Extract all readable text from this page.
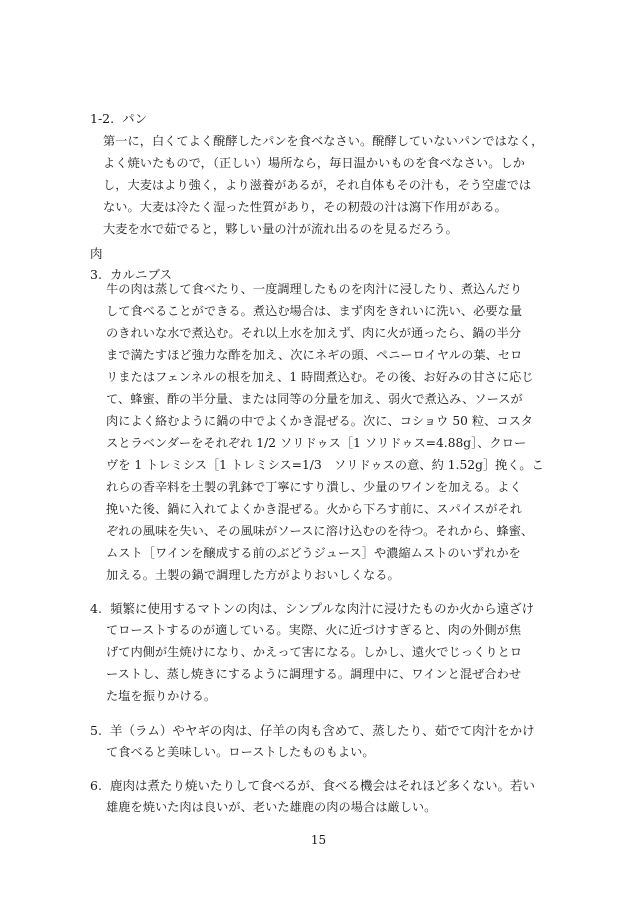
1-2. パン
第一に，白くてよく醗酵したパンを食べなさい。醗酵していないパンではなく，
よく焼いたもので，（正しい）場所なら，毎日温かいものを食べなさい。しか
し，大麦はより強く，より滋養があるが，それ自体もその汁も，そう空虚では
ない。大麦は冷たく湿った性質があり，その籾殻の汁は瀉下作用がある。
大麦を水で茹でると，夥しい量の汁が流れ出るのを見るだろう。
肉
3. カルニブス
牛の肉は蒸して食べたり、一度調理したものを肉汁に浸したり、煮込んだり
して食べることができる。煮込む場合は、まず肉をきれいに洗い、必要な量
のきれいな水で煮込む。それ以上水を加えず、肉に火が通ったら、鍋の半分
まで満たすほど強力な酢を加え、次にネギの頭、ペニーロイヤルの葉、セロ
リまたはフェンネルの根を加え、1 時間煮込む。その後、お好みの甘さに応じ
て、蜂蜜、酢の半分量、または同等の分量を加え、弱火で煮込み、ソースが
肉によく絡むように鍋の中でよくかき混ぜる。次に、コショウ 50 粒、コスタ
スとラベンダーをそれぞれ 1/2 ソリドゥス［1 ソリドゥス=4.88g］、クロー
ヴを 1 トレミシス［1 トレミシス=1/3　ソリドゥスの意、約 1.52g］挽く。こ
れらの香辛料を土製の乳鉢で丁寧にすり潰し、少量のワインを加える。よく
挽いた後、鍋に入れてよくかき混ぜる。火から下ろす前に、スパイスがそれ
ぞれの風味を失い、その風味がソースに溶け込むのを待つ。それから、蜂蜜、
ムスト［ワインを醸成する前のぶどうジュース］や濃縮ムストのいずれかを
加える。土製の鍋で調理した方がよりおいしくなる。
4. 頻繁に使用するマトンの肉は、シンプルな肉汁に浸けたものか火から遠ざけ
てローストするのが適している。実際、火に近づけすぎると、肉の外側が焦
げて内側が生焼けになり、かえって害になる。しかし、遠火でじっくりとロ
ーストし、蒸し焼きにするように調理する。調理中に、ワインと混ぜ合わせ
た塩を振りかける。
5. 羊（ラム）やヤギの肉は、仔羊の肉も含めて、蒸したり、茹でて肉汁をかけ
て食べると美味しい。ローストしたものもよい。
6. 鹿肉は煮たり焼いたりして食べるが、食べる機会はそれほど多くない。若い
雄鹿を焼いた肉は良いが、老いた雄鹿の肉の場合は厳しい。
15
